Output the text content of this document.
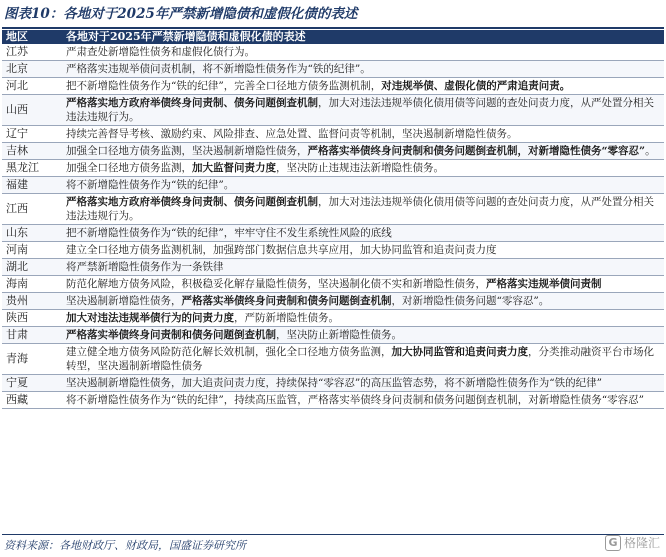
图表10：各地对于2025年严禁新增隐债和虚假化债的表述
地区	各地对于2025年严禁新增隐债和虚假化债的表述
江苏	严肃查处新增隐性债务和虚假化债行为。
北京	严格落实违规举债问责机制，将不新增隐性债务作为“铁的纪律”。
河北	把不新增隐性债务作为“铁的纪律”，完善全口径地方债务监测机制，对违规举债、虚假化债的严肃追责问责。
山西	严格落实地方政府举债终身问责制、债务问题倒查机制，加大对违法违规举债化债用债等问题的查处问责力度，从严处置分相关违法违规行为。
辽宁	持续完善督导考核、激励约束、风险排查、应急处置、监督问责等机制，坚决遏制新增隐性债务。
吉林	加强全口径地方债务监测，坚决遏制新增隐性债务，严格落实举债终身问责制和债务问题倒查机制，对新增隐性债务“零容忍”。
黑龙江	加强全口径地方债务监测，加大监督问责力度，坚决防止违规违法新增隐性债务。
福建	将不新增隐性债务作为“铁的纪律”。
江西	严格落实地方政府举债终身问责制、债务问题倒查机制，加大对违法违规举债化债用债等问题的查处问责力度，从严处置分相关违法违规行为。
山东	把不新增隐性债务作为“铁的纪律”，牢牢守住不发生系统性风险的底线
河南	建立全口径地方债务监测机制，加强跨部门数据信息共享应用，加大协同监管和追责问责力度
湖北	将严禁新增隐性债务作为一条铁律
海南	防范化解地方债务风险，积极稳妥化解存量隐性债务，坚决遏制化债不实和新增隐性债务，严格落实违规举债问责制
贵州	坚决遏制新增隐性债务，严格落实举债终身问责制和债务问题倒查机制，对新增隐性债务问题“零容忍”。
陕西	加大对违法违规举债行为的问责力度，严防新增隐性债务。
甘肃	严格落实举债终身问责制和债务问题倒查机制，坚决防止新增隐性债务。
青海	建立健全地方债务风险防范化解长效机制，强化全口径地方债务监测，加大协同监管和追责问责力度，分类推动融资平台市场化转型，坚决遏制新增隐性债务
宁夏	坚决遏制新增隐性债务，加大追责问责力度，持续保持“零容忍”的高压监管态势，将不新增隐性债务作为“铁的纪律”
西藏	将不新增隐性债务作为“铁的纪律”，持续高压监管，严格落实举债终身问责制和债务问题倒查机制，对新增隐性债务“零容忍”
资料来源：各地财政厅、财政局，国盛证券研究所	G 格隆汇
